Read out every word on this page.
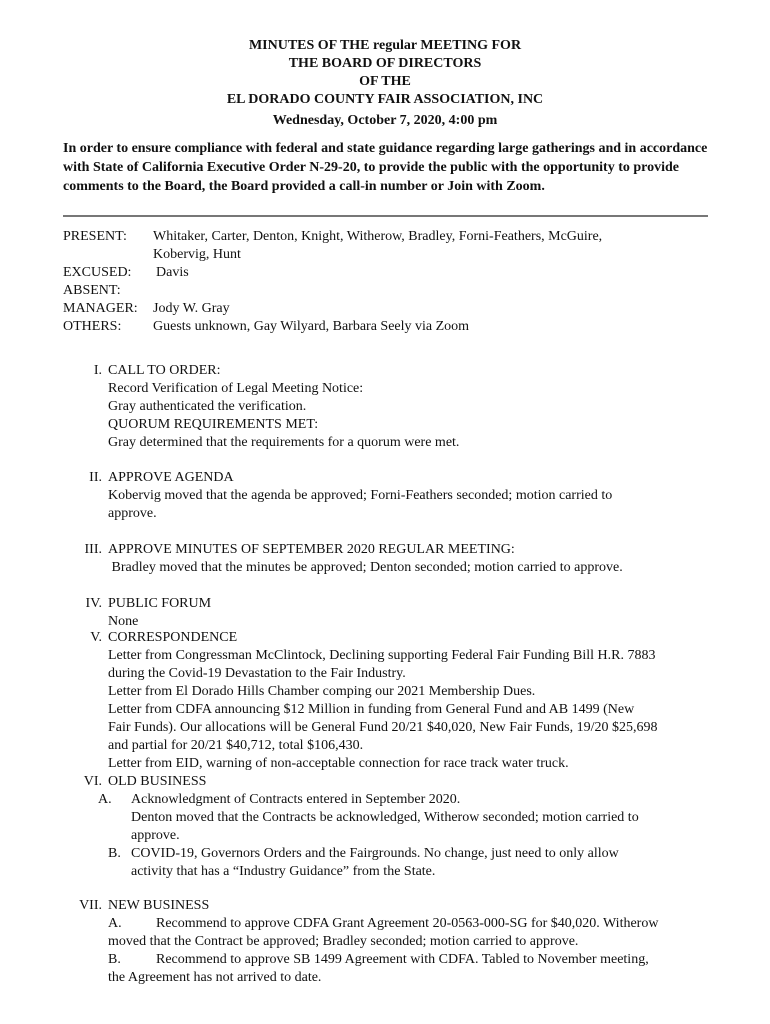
MINUTES OF THE regular MEETING FOR
THE BOARD OF DIRECTORS
OF THE
EL DORADO COUNTY FAIR ASSOCIATION, INC
Wednesday, October 7, 2020, 4:00 pm
In order to ensure compliance with federal and state guidance regarding large gatherings and in accordance with State of California Executive Order N-29-20, to provide the public with the opportunity to provide comments to the Board, the Board provided a call-in number or Join with Zoom.
PRESENT:	Whitaker, Carter, Denton, Knight, Witherow, Bradley, Forni-Feathers, McGuire,
Kobervig, Hunt
EXCUSED:	Davis
ABSENT:
MANAGER:	Jody W. Gray
OTHERS:	Guests unknown, Gay Wilyard, Barbara Seely via Zoom
I. CALL TO ORDER:
Record Verification of Legal Meeting Notice:
Gray authenticated the verification.
QUORUM REQUIREMENTS MET:
Gray determined that the requirements for a quorum were met.
II. APPROVE AGENDA
Kobervig moved that the agenda be approved; Forni-Feathers seconded; motion carried to
approve.
III. APPROVE MINUTES OF SEPTEMBER 2020 REGULAR MEETING:
Bradley moved that the minutes be approved; Denton seconded; motion carried to approve.
IV. PUBLIC FORUM
None
V. CORRESPONDENCE
Letter from Congressman McClintock, Declining supporting Federal Fair Funding Bill H.R. 7883
during the Covid-19 Devastation to the Fair Industry.
Letter from El Dorado Hills Chamber comping our 2021 Membership Dues.
Letter from CDFA announcing $12 Million in funding from General Fund and AB 1499 (New
Fair Funds). Our allocations will be General Fund 20/21 $40,020, New Fair Funds, 19/20 $25,698
and partial for 20/21 $40,712, total $106,430.
Letter from EID, warning of non-acceptable connection for race track water truck.
VI. OLD BUSINESS
A. Acknowledgment of Contracts entered in September 2020.
Denton moved that the Contracts be acknowledged, Witherow seconded; motion carried to
approve.
B. COVID-19, Governors Orders and the Fairgrounds. No change, just need to only allow
activity that has a “Industry Guidance” from the State.
VII. NEW BUSINESS
A. Recommend to approve CDFA Grant Agreement 20-0563-000-SG for $40,020. Witherow
moved that the Contract be approved; Bradley seconded; motion carried to approve.
B.	Recommend to approve SB 1499 Agreement with CDFA. Tabled to November meeting,
the Agreement has not arrived to date.
